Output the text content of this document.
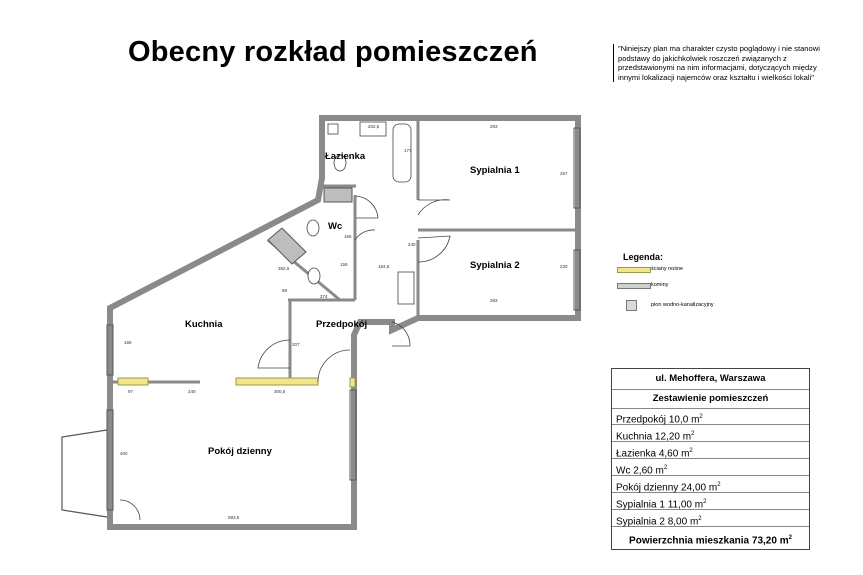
Obecny rozkład pomieszczeń	"Niniejszy plan ma charakter czysto poglądowy i nie stanowi podstawy do jakichkolwiek roszczeń związanych z przedstawionymi na nim informacjami, dotyczących między innymi lokalizacji najemców oraz kształtu i wielkości lokali"
202,5
177
283
257
230
283
240
183,5
166
159
98
382,6
274
166	207
97	240	300,5
400
593,5
Łazienka
Wc
Sypialnia 1
Sypialnia 2
Kuchnia	Przedpokój
Pokój dzienny
Legenda:
ściany nośne
kominy
pion wodno-kanalizacyjny
ul. Mehoffera, Warszawa
Zestawienie pomieszczeń
Przedpokój 10,0 $m^2$
Kuchnia 12,20 $m^2$
Łazienka 4,60 $m^2$
Wc 2,60 $m^2$
Pokój dzienny 24,00 $m^2$
Sypialnia 1 11,00 $m^2$
Sypialnia 2 8,00 $m^2$
Powierzchnia mieszkania 73,20 $m^2$
